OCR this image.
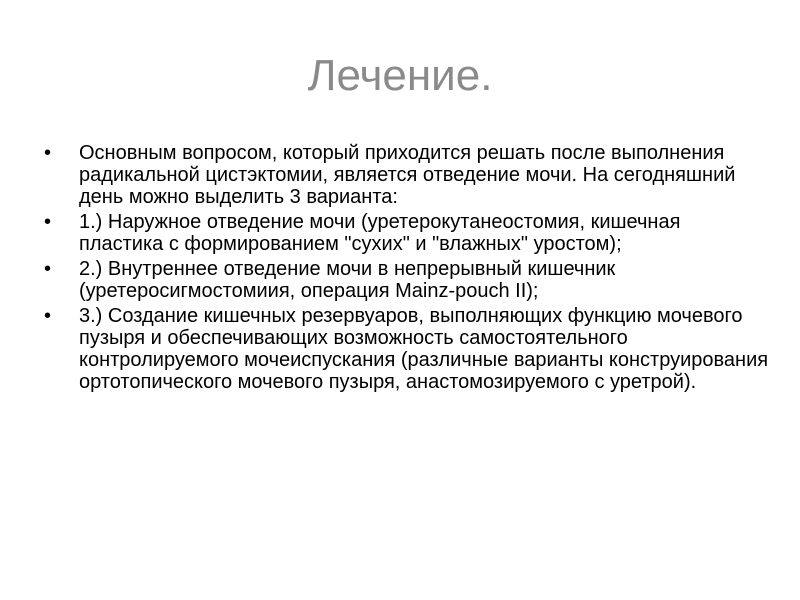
Лечение.
•	Основным вопросом, который приходится решать после выполнения радикальной цистэктомии, является отведение мочи. На сегодняшний день можно выделить 3 варианта:
•	1.) Наружное отведение мочи (уретерокутанеостомия, кишечная пластика с формированием "сухих" и "влажных" уростом);
•	2.) Внутреннее отведение мочи в непрерывный кишечник (уретеросигмостомиия, операция Mainz-pouch II);
•	3.) Создание кишечных резервуаров, выполняющих функцию мочевого пузыря и обеспечивающих возможность самостоятельного контролируемого мочеиспускания (различные варианты конструирования ортотопического мочевого пузыря, анастомозируемого с уретрой).
